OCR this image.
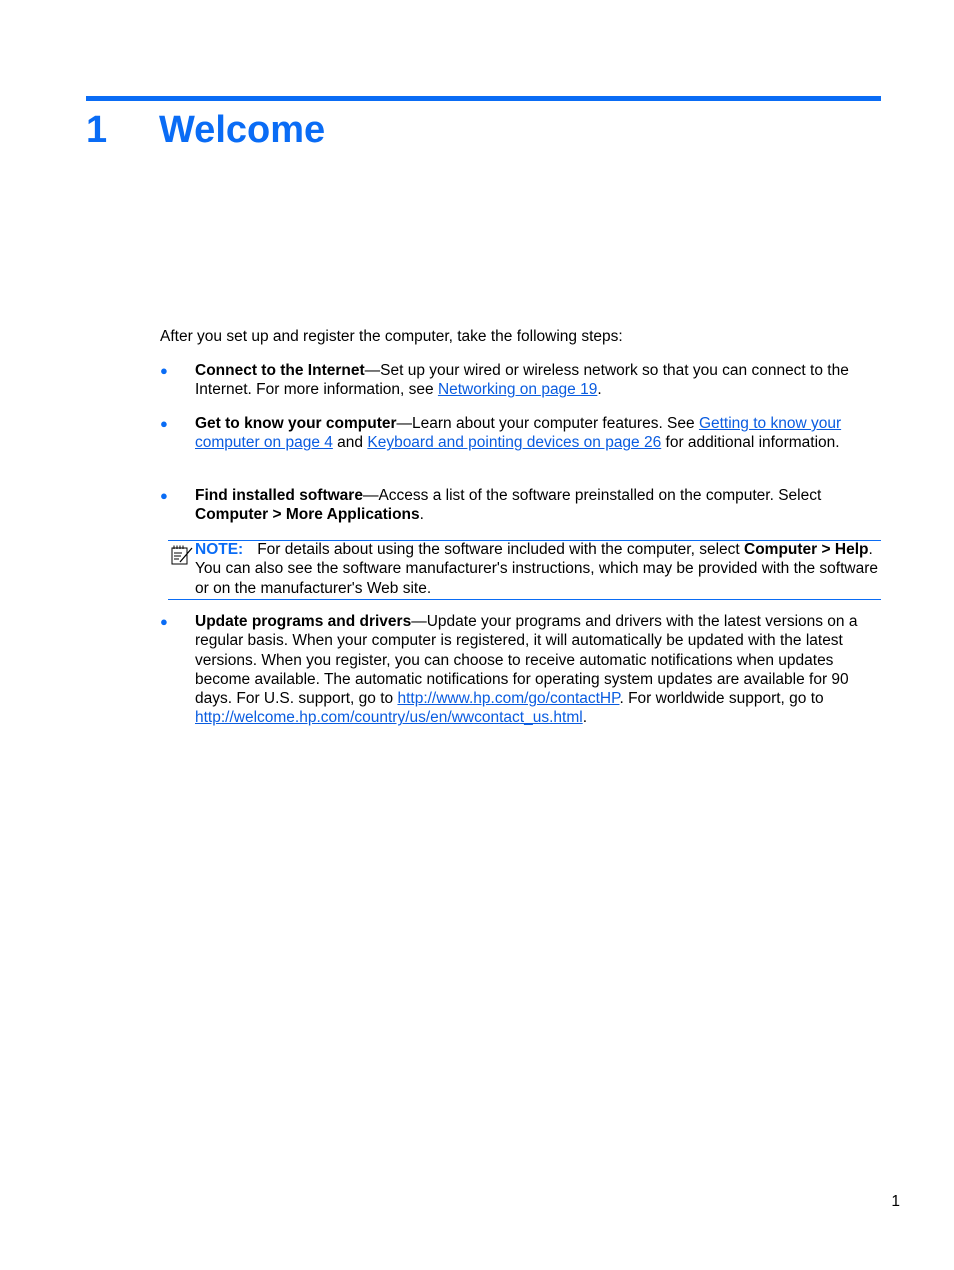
1 Welcome
After you set up and register the computer, take the following steps:
●	Connect to the Internet—Set up your wired or wireless network so that you can connect to the Internet. For more information, see Networking on page 19.
●	Get to know your computer—Learn about your computer features. See Getting to know your computer on page 4 and Keyboard and pointing devices on page 26 for additional information.
●	Find installed software—Access a list of the software preinstalled on the computer. Select Computer > More Applications.
NOTE: For details about using the software included with the computer, select Computer > Help. You can also see the software manufacturer's instructions, which may be provided with the software or on the manufacturer's Web site.
●	Update programs and drivers—Update your programs and drivers with the latest versions on a regular basis. When your computer is registered, it will automatically be updated with the latest versions. When you register, you can choose to receive automatic notifications when updates become available. The automatic notifications for operating system updates are available for 90 days. For U.S. support, go to http://www.hp.com/go/contactHP. For worldwide support, go to http://welcome.hp.com/country/us/en/wwcontact_us.html.
1
